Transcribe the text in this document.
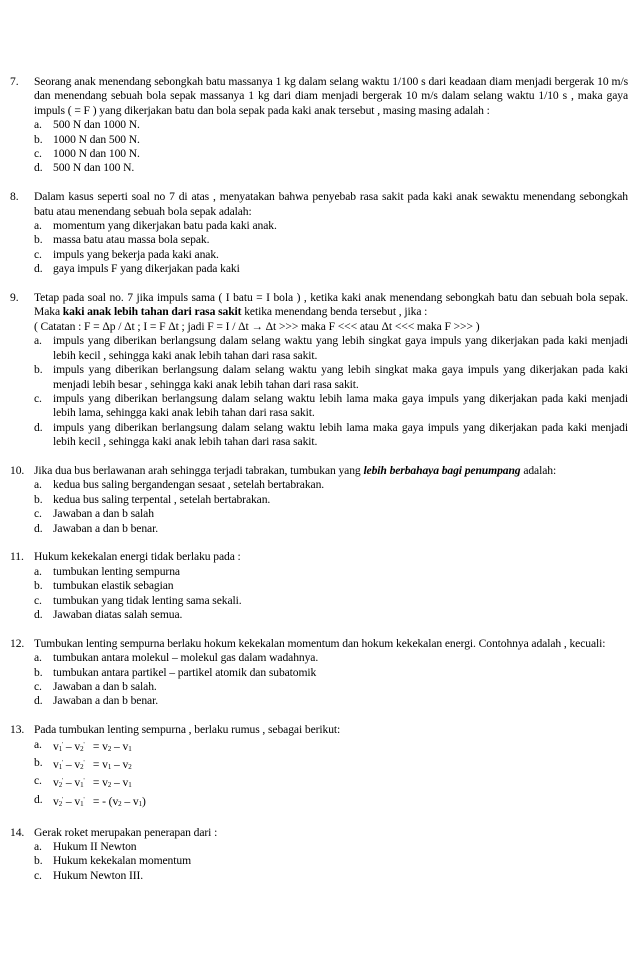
7. Seorang anak menendang sebongkah batu massanya 1 kg dalam selang waktu 1/100 s dari keadaan diam menjadi bergerak 10 m/s dan menendang sebuah bola sepak massanya 1 kg dari diam menjadi bergerak 10 m/s dalam selang waktu 1/10 s , maka gaya impuls ( = F ) yang dikerjakan batu dan bola sepak pada kaki anak tersebut , masing masing adalah :
a. 500 N dan 1000 N.
b. 1000 N dan 500 N.
c. 1000 N dan 100 N.
d. 500 N dan 100 N.
8. Dalam kasus seperti soal no 7 di atas , menyatakan bahwa penyebab rasa sakit pada kaki anak sewaktu menendang sebongkah batu atau menendang sebuah bola sepak adalah:
a. momentum yang dikerjakan batu pada kaki anak.
b. massa batu atau massa bola sepak.
c. impuls yang bekerja pada kaki anak.
d. gaya impuls F yang dikerjakan pada kaki
9. Tetap pada soal no. 7 jika impuls sama ( I batu = I bola ) , ketika kaki anak menendang sebongkah batu dan sebuah bola sepak. Maka kaki anak lebih tahan dari rasa sakit ketika menendang benda tersebut , jika :
( Catatan : F = Δp / Δt ; I = F Δt ; jadi F = I / Δt → Δt >>> maka F <<< atau Δt <<< maka F >>> )
a. impuls yang diberikan berlangsung dalam selang waktu yang lebih singkat gaya impuls yang dikerjakan pada kaki menjadi lebih kecil , sehingga kaki anak lebih tahan dari rasa sakit.
b. impuls yang diberikan berlangsung dalam selang waktu yang lebih singkat maka gaya impuls yang dikerjakan pada kaki menjadi lebih besar , sehingga kaki anak lebih tahan dari rasa sakit.
c. impuls yang diberikan berlangsung dalam selang waktu lebih lama maka gaya impuls yang dikerjakan pada kaki menjadi lebih lama, sehingga kaki anak lebih tahan dari rasa sakit.
d. impuls yang diberikan berlangsung dalam selang waktu lebih lama maka gaya impuls yang dikerjakan pada kaki menjadi lebih kecil , sehingga kaki anak lebih tahan dari rasa sakit.
10. Jika dua bus berlawanan arah sehingga terjadi tabrakan, tumbukan yang lebih berbahaya bagi penumpang adalah:
a. kedua bus saling bergandengan sesaat , setelah bertabrakan.
b. kedua bus saling terpental , setelah bertabrakan.
c. Jawaban a dan b salah
d. Jawaban a dan b benar.
11. Hukum kekekalan energi tidak berlaku pada :
a. tumbukan lenting sempurna
b. tumbukan elastik sebagian
c. tumbukan yang tidak lenting sama sekali.
d. Jawaban diatas salah semua.
12. Tumbukan lenting sempurna berlaku hokum kekekalan momentum dan hokum kekekalan energi. Contohnya adalah , kecuali:
a. tumbukan antara molekul – molekul gas dalam wadahnya.
b. tumbukan antara partikel – partikel atomik dan subatomik
c. Jawaban a dan b salah.
d. Jawaban a dan b benar.
13. Pada tumbukan lenting sempurna , berlaku rumus , sebagai berikut:
a. v1' – v2' = v2 – v1
b. v1' – v2' = v1 – v2
c. v2' – v1' = v2 – v1
d. v2' – v1' = - (v2 – v1)
14. Gerak roket merupakan penerapan dari :
a. Hukum II Newton
b. Hukum kekekalan momentum
c. Hukum Newton III.
